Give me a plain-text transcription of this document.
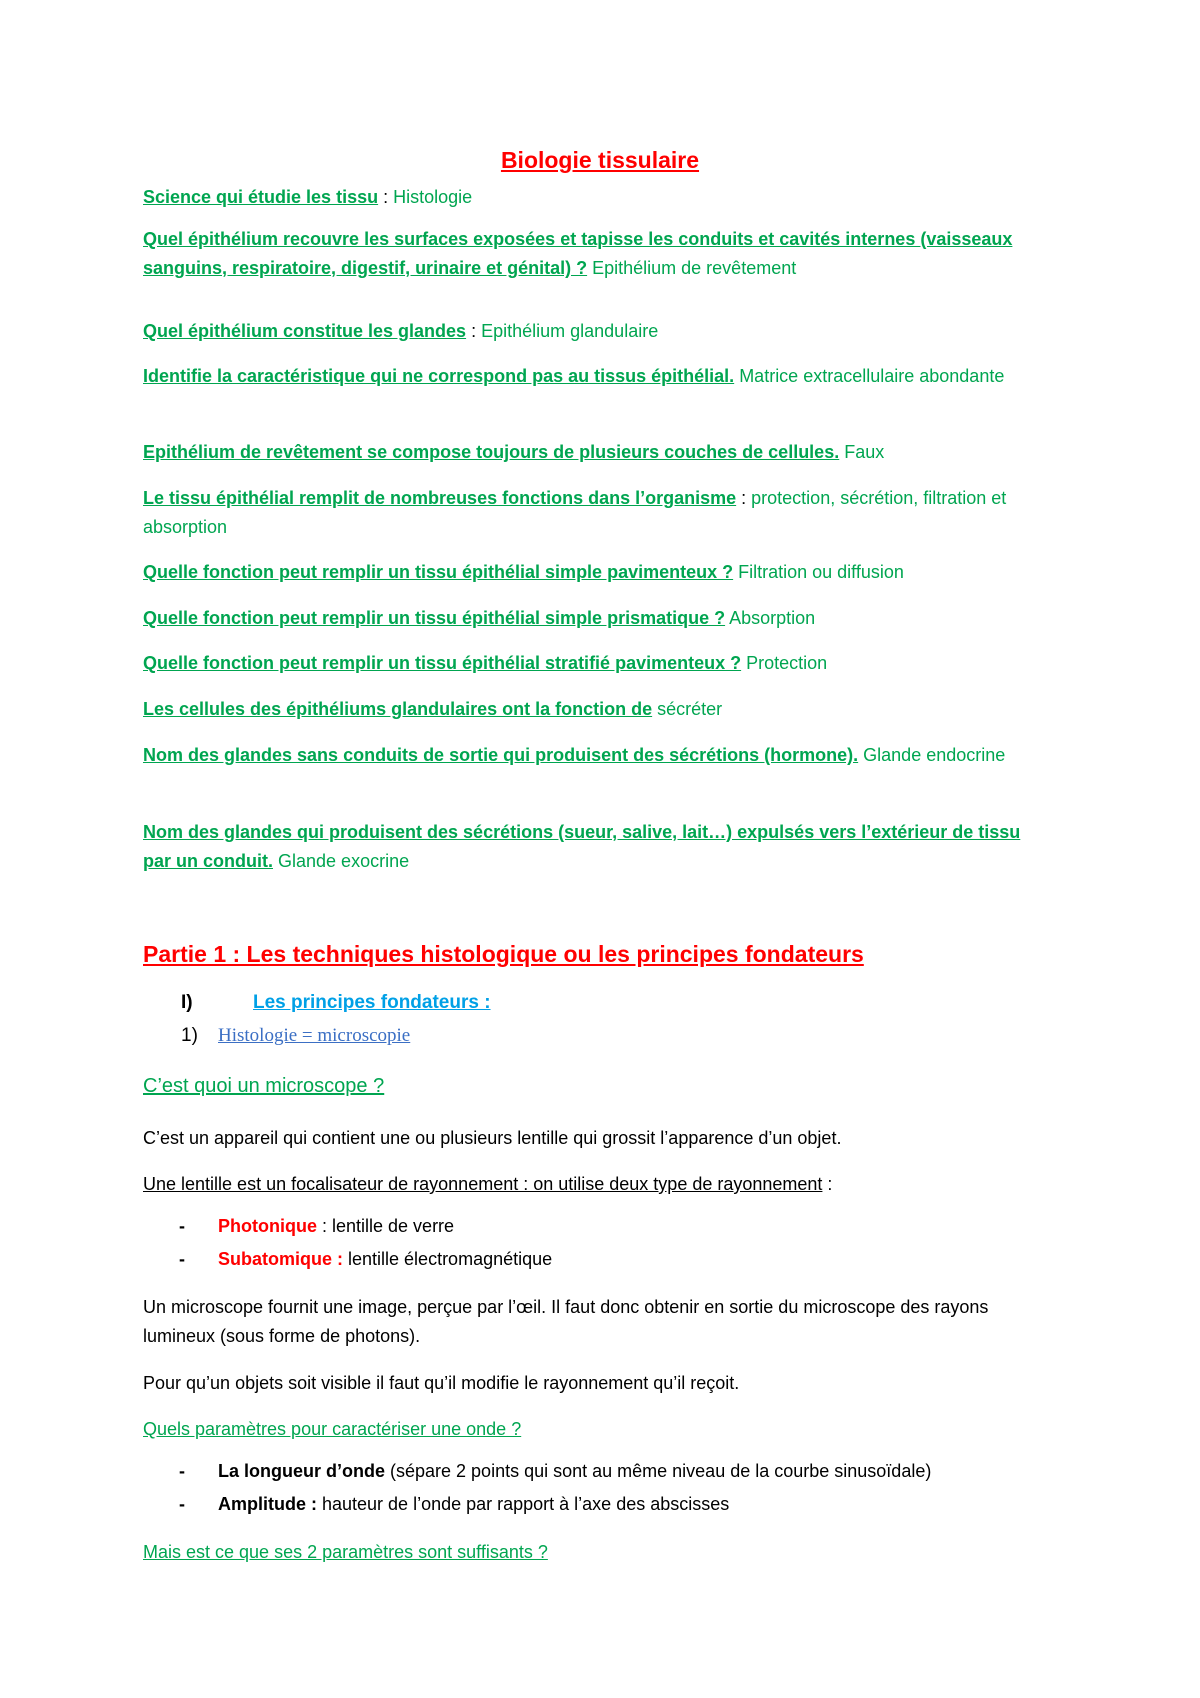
Biologie tissulaire
Science qui étudie les tissu : Histologie
Quel épithélium recouvre les surfaces exposées et tapisse les conduits et cavités internes (vaisseaux sanguins, respiratoire, digestif, urinaire et génital) ? Epithélium de revêtement
Quel épithélium constitue les glandes : Epithélium glandulaire
Identifie la caractéristique qui ne correspond pas au tissus épithélial. Matrice extracellulaire abondante
Epithélium de revêtement se compose toujours de plusieurs couches de cellules. Faux
Le tissu épithélial remplit de nombreuses fonctions dans l’organisme : protection, sécrétion, filtration et absorption
Quelle fonction peut remplir un tissu épithélial simple pavimenteux ? Filtration ou diffusion
Quelle fonction peut remplir un tissu épithélial simple prismatique ? Absorption
Quelle fonction peut remplir un tissu épithélial stratifié pavimenteux ? Protection
Les cellules des épithéliums glandulaires ont la fonction de sécréter
Nom des glandes sans conduits de sortie qui produisent des sécrétions (hormone). Glande endocrine
Nom des glandes qui produisent des sécrétions (sueur, salive, lait…) expulsés vers l’extérieur de tissu par un conduit. Glande exocrine
Partie 1 : Les techniques histologique ou les principes fondateurs
I)	Les principes fondateurs :
1) Histologie = microscopie
C’est quoi un microscope ?
C’est un appareil qui contient une ou plusieurs lentille qui grossit l’apparence d’un objet.
Une lentille est un focalisateur de rayonnement : on utilise deux type de rayonnement :
- Photonique : lentille de verre
- Subatomique : lentille électromagnétique
Un microscope fournit une image, perçue par l’œil. Il faut donc obtenir en sortie du microscope des rayons lumineux (sous forme de photons).
Pour qu’un objets soit visible il faut qu’il modifie le rayonnement qu’il reçoit.
Quels paramètres pour caractériser une onde ?
- La longueur d’onde (sépare 2 points qui sont au même niveau de la courbe sinusoïdale)
- Amplitude : hauteur de l’onde par rapport à l’axe des abscisses
Mais est ce que ses 2 paramètres sont suffisants ?
